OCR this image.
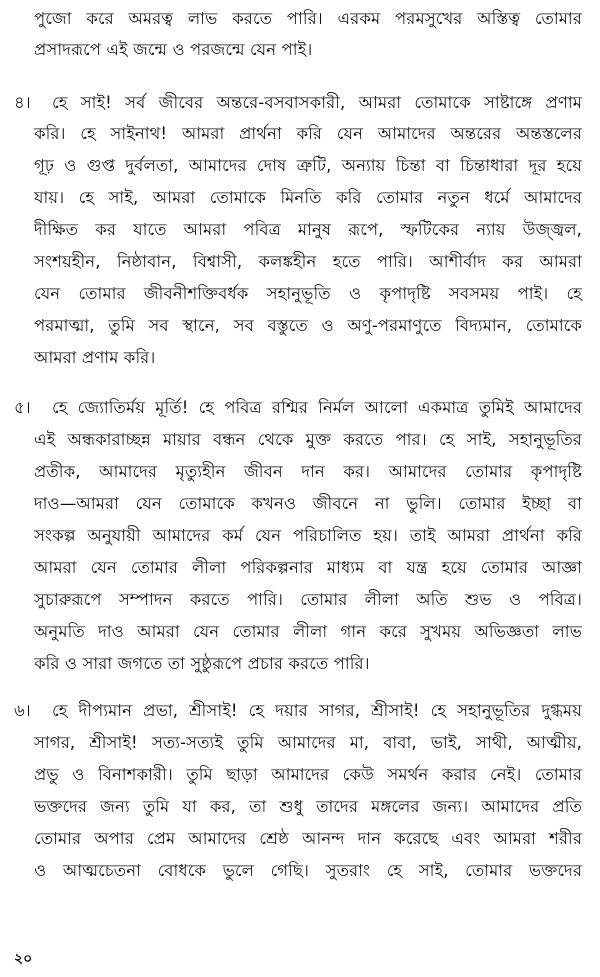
পুজো করে অমরত্ব লাভ করতে পারি। এরকম পরমসুখের অস্তিত্ব তোমার
প্রসাদরূপে এই জন্মে ও পরজন্মে যেন পাই।
৪। হে সাই! সর্ব জীবের অন্তরে-বসবাসকারী, আমরা তোমাকে সাষ্টাঙ্গে প্রণাম
করি। হে সাইনাথ! আমরা প্রার্থনা করি যেন আমাদের অন্তরের অন্তস্তলের
গূঢ় ও গুপ্ত দুর্বলতা, আমাদের দোষ ত্রুটি, অন্যায় চিন্তা বা চিন্তাধারা দূর হয়ে
যায়। হে সাই, আমরা তোমাকে মিনতি করি তোমার নতুন ধর্মে আমাদের
দীক্ষিত কর যাতে আমরা পবিত্র মানুষ রূপে, স্ফটিকের ন্যায় উজ্জ্বল,
সংশয়হীন, নিষ্ঠাবান, বিশ্বাসী, কলঙ্কহীন হতে পারি। আশীর্বাদ কর আমরা
যেন তোমার জীবনীশক্তিবর্ধক সহানুভূতি ও কৃপাদৃষ্টি সবসময় পাই। হে
পরমাত্মা, তুমি সব স্থানে, সব বস্তুতে ও অণু-পরমাণুতে বিদ্যমান, তোমাকে
আমরা প্রণাম করি।
৫। হে জ্যোতির্ময় মূর্তি! হে পবিত্র রশ্মির নির্মল আলো একমাত্র তুমিই আমাদের
এই অন্ধকারাচ্ছন্ন মায়ার বন্ধন থেকে মুক্ত করতে পার। হে সাই, সহানুভূতির
প্রতীক, আমাদের মৃত্যুহীন জীবন দান কর। আমাদের তোমার কৃপাদৃষ্টি
দাও—আমরা যেন তোমাকে কখনও জীবনে না ভুলি। তোমার ইচ্ছা বা
সংকল্প অনুযায়ী আমাদের কর্ম যেন পরিচালিত হয়। তাই আমরা প্রার্থনা করি
আমরা যেন তোমার লীলা পরিকল্পনার মাধ্যম বা যন্ত্র হয়ে তোমার আজ্ঞা
সুচারুরূপে সম্পাদন করতে পারি। তোমার লীলা অতি শুভ ও পবিত্র।
অনুমতি দাও আমরা যেন তোমার লীলা গান করে সুখময় অভিজ্ঞতা লাভ
করি ও সারা জগতে তা সুষ্ঠুরূপে প্রচার করতে পারি।
৬। হে দীপ্যমান প্রভা, শ্রীসাই! হে দয়ার সাগর, শ্রীসাই! হে সহানুভূতির দুগ্ধময়
সাগর, শ্রীসাই! সত্য-সত্যই তুমি আমাদের মা, বাবা, ভাই, সাথী, আত্মীয়,
প্রভু ও বিনাশকারী। তুমি ছাড়া আমাদের কেউ সমর্থন করার নেই। তোমার
ভক্তদের জন্য তুমি যা কর, তা শুধু তাদের মঙ্গলের জন্য। আমাদের প্রতি
তোমার অপার প্রেম আমাদের শ্রেষ্ঠ আনন্দ দান করেছে এবং আমরা শরীর
ও আত্মচেতনা বোধকে ভুলে গেছি। সুতরাং হে সাই, তোমার ভক্তদের
২০
